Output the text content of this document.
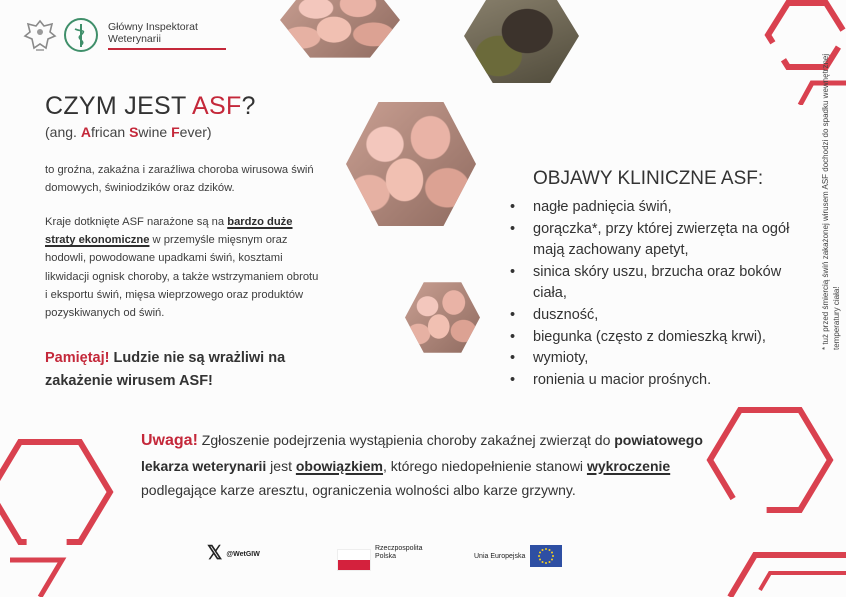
Główny Inspektorat
Weterynarii
CZYM JEST ASF?
(ang. African Swine Fever)
to groźna, zakaźna i zaraźliwa choroba wirusowa świń domowych, świniodzików oraz dzików.
Kraje dotknięte ASF narażone są na bardzo duże straty ekonomiczne w przemyśle mięsnym oraz hodowli, powodowane upadkami świń, kosztami likwidacji ognisk choroby, a także wstrzymaniem obrotu i eksportu świń, mięsa wieprzowego oraz produktów pozyskiwanych od świń.
Pamiętaj! Ludzie nie są wrażliwi na zakażenie wirusem ASF!
OBJAWY KLINICZNE ASF:
• nagłe padnięcia świń,
• gorączka*, przy której zwierzęta na ogół mają zachowany apetyt,
• sinica skóry uszu, brzucha oraz boków ciała,
• duszność,
• biegunka (często z domieszką krwi),
• wymioty,
• ronienia u macior prośnych.
* tuż przed śmiercią świń zakażonej wirusem ASF dochodzi do spadku wewnętrznej temperatury ciała!
Uwaga! Zgłoszenie podejrzenia wystąpienia choroby zakaźnej zwierząt do powiatowego lekarza weterynarii jest obowiązkiem, którego niedopełnienie stanowi wykroczenie podlegające karze aresztu, ograniczenia wolności albo karze grzywny.
𝕏 @WetGIW
Rzeczpospolita
Polska	Unia Europejska
